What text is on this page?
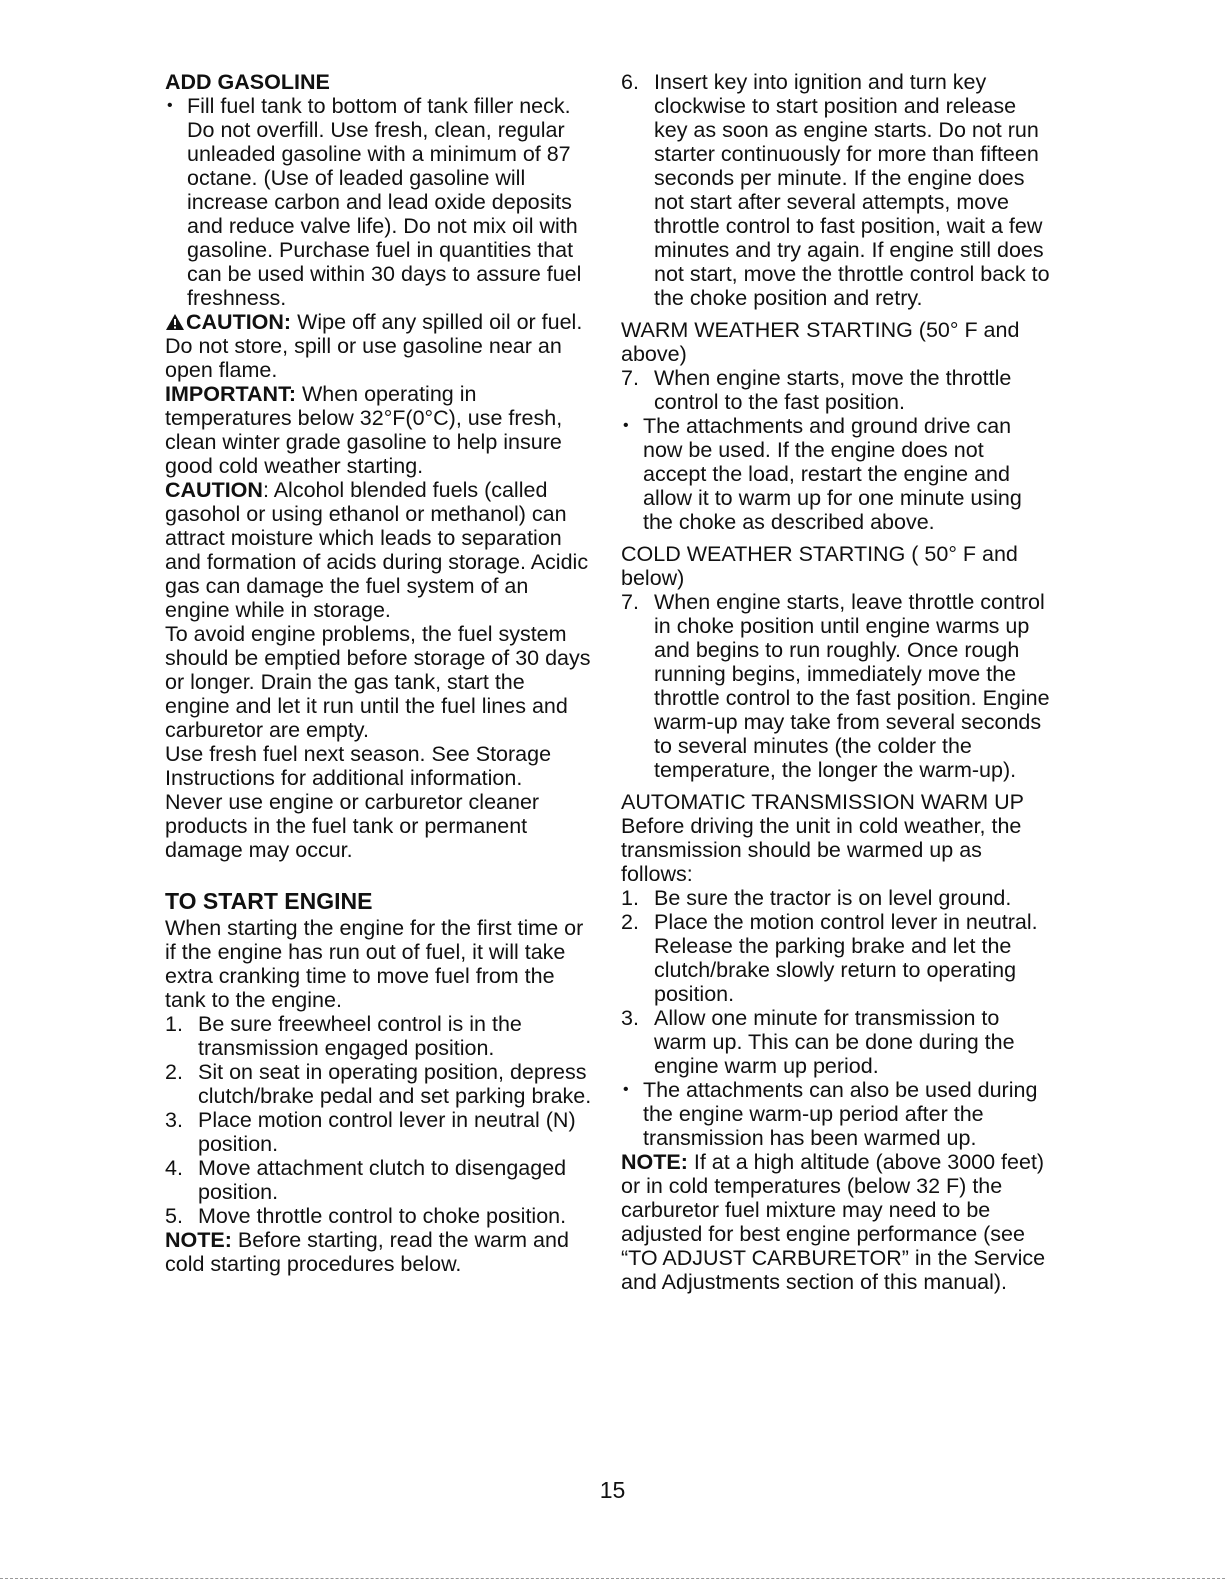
ADD GASOLINE

• Fill fuel tank to bottom of tank filler neck. Do not overfill. Use fresh, clean, regular unleaded gasoline with a minimum of 87 octane. (Use of leaded gasoline will increase carbon and lead oxide deposits and reduce valve life). Do not mix oil with gasoline. Purchase fuel in quantities that can be used within 30 days to assure fuel freshness.

CAUTION: Wipe off any spilled oil or fuel. Do not store, spill or use gasoline near an open flame.

IMPORTANT: When operating in temperatures below 32°F(0°C), use fresh, clean winter grade gasoline to help insure good cold weather starting.

CAUTION: Alcohol blended fuels (called gasohol or using ethanol or methanol) can attract moisture which leads to separation and formation of acids during storage. Acidic gas can damage the fuel system of an engine while in storage.

To avoid engine problems, the fuel system should be emptied before storage of 30 days or longer. Drain the gas tank, start the engine and let it run until the fuel lines and carburetor are empty.

Use fresh fuel next season. See Storage Instructions for additional information.

Never use engine or carburetor cleaner products in the fuel tank or permanent damage may occur.

TO START ENGINE

When starting the engine for the first time or if the engine has run out of fuel, it will take extra cranking time to move fuel from the tank to the engine.

1. Be sure freewheel control is in the transmission engaged position.

2. Sit on seat in operating position, depress clutch/brake pedal and set parking brake.

3. Place motion control lever in neutral (N) position.

4. Move attachment clutch to disengaged position.

5. Move throttle control to choke position.

NOTE: Before starting, read the warm and cold starting procedures below.

6. Insert key into ignition and turn key clockwise to start position and release key as soon as engine starts. Do not run starter continuously for more than fifteen seconds per minute. If the engine does not start after several attempts, move throttle control to fast position, wait a few minutes and try again. If engine still does not start, move the throttle control back to the choke position and retry.

WARM WEATHER STARTING (50° F and above)

7. When engine starts, move the throttle control to the fast position.

• The attachments and ground drive can now be used. If the engine does not accept the load, restart the engine and allow it to warm up for one minute using the choke as described above.

COLD WEATHER STARTING ( 50° F and below)

7. When engine starts, leave throttle control in choke position until engine warms up and begins to run roughly. Once rough running begins, immediately move the throttle control to the fast position. Engine warm-up may take from several seconds to several minutes (the colder the temperature, the longer the warm-up).

AUTOMATIC TRANSMISSION WARM UP

Before driving the unit in cold weather, the transmission should be warmed up as follows:

1. Be sure the tractor is on level ground.

2. Place the motion control lever in neutral. Release the parking brake and let the clutch/brake slowly return to operating position.

3. Allow one minute for transmission to warm up. This can be done during the engine warm up period.

• The attachments can also be used during the engine warm-up period after the transmission has been warmed up.

NOTE: If at a high altitude (above 3000 feet) or in cold temperatures (below 32 F) the carburetor fuel mixture may need to be adjusted for best engine performance (see “TO ADJUST CARBURETOR” in the Service and Adjustments section of this manual).

15
